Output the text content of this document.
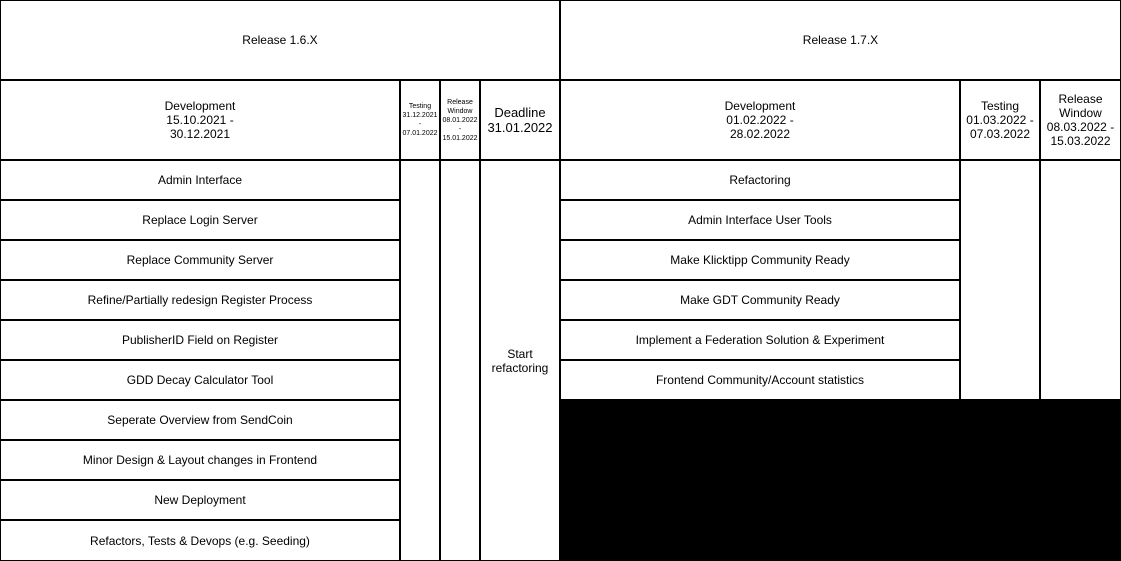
Release 1.6.X
Development
15.10.2021 -
30.12.2021
Testing
31.12.2021
-
07.01.2022
Release
Window
08.01.2022
-
15.01.2022
Deadline
31.01.2022
Admin Interface
Replace Login Server
Replace Community Server
Refine/Partially redesign Register Process
PublisherID Field on Register
GDD Decay Calculator Tool
Seperate Overview from SendCoin
Minor Design & Layout changes in Frontend
New Deployment
Refactors, Tests & Devops (e.g. Seeding)
Start
refactoring
Release 1.7.X
Development
01.02.2022 -
28.02.2022
Testing
01.03.2022 -
07.03.2022
Release
Window
08.03.2022 -
15.03.2022
Refactoring
Admin Interface User Tools
Make Klicktipp Community Ready
Make GDT Community Ready
Implement a Federation Solution & Experiment
Frontend Community/Account statistics
